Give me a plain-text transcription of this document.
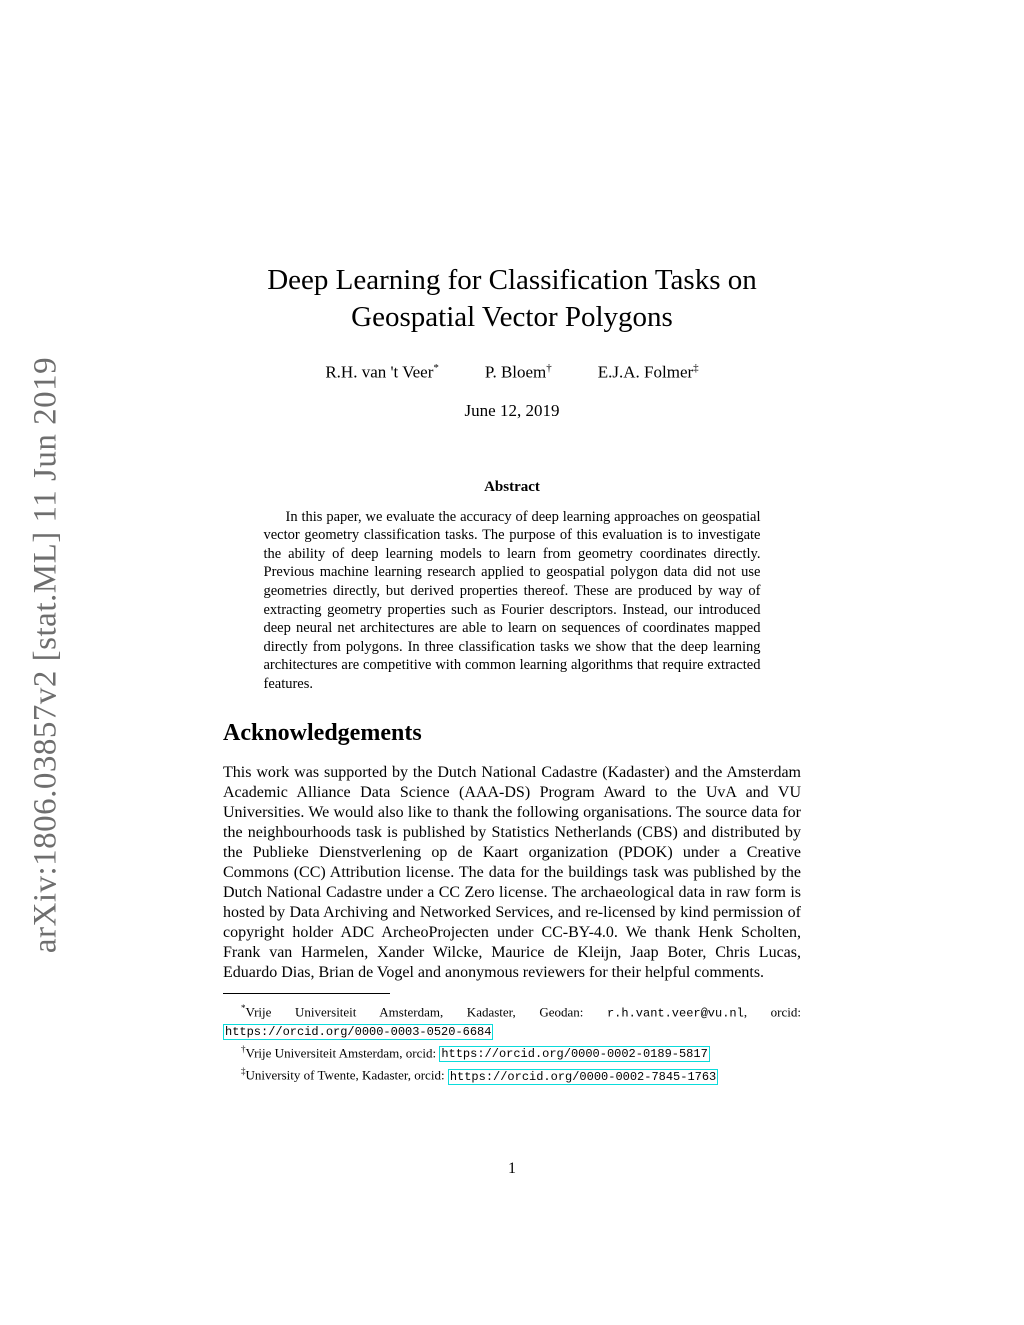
arXiv:1806.03857v2 [stat.ML] 11 Jun 2019
Deep Learning for Classification Tasks on Geospatial Vector Polygons
R.H. van 't Veer*	P. Bloem†	E.J.A. Folmer‡
June 12, 2019
Abstract
In this paper, we evaluate the accuracy of deep learning approaches on geospatial vector geometry classification tasks. The purpose of this evaluation is to investigate the ability of deep learning models to learn from geometry coordinates directly. Previous machine learning research applied to geospatial polygon data did not use geometries directly, but derived properties thereof. These are produced by way of extracting geometry properties such as Fourier descriptors. Instead, our introduced deep neural net architectures are able to learn on sequences of coordinates mapped directly from polygons. In three classification tasks we show that the deep learning architectures are competitive with common learning algorithms that require extracted features.
Acknowledgements
This work was supported by the Dutch National Cadastre (Kadaster) and the Amsterdam Academic Alliance Data Science (AAA-DS) Program Award to the UvA and VU Universities. We would also like to thank the following organisations. The source data for the neighbourhoods task is published by Statistics Netherlands (CBS) and distributed by the Publieke Dienstverlening op de Kaart organization (PDOK) under a Creative Commons (CC) Attribution license. The data for the buildings task was published by the Dutch National Cadastre under a CC Zero license. The archaeological data in raw form is hosted by Data Archiving and Networked Services, and re-licensed by kind permission of copyright holder ADC ArcheoProjecten under CC-BY-4.0. We thank Henk Scholten, Frank van Harmelen, Xander Wilcke, Maurice de Kleijn, Jaap Boter, Chris Lucas, Eduardo Dias, Brian de Vogel and anonymous reviewers for their helpful comments.
*Vrije Universiteit Amsterdam, Kadaster, Geodan: r.h.vant.veer@vu.nl, orcid: https://orcid.org/0000-0003-0520-6684
†Vrije Universiteit Amsterdam, orcid: https://orcid.org/0000-0002-0189-5817
‡University of Twente, Kadaster, orcid: https://orcid.org/0000-0002-7845-1763
1
